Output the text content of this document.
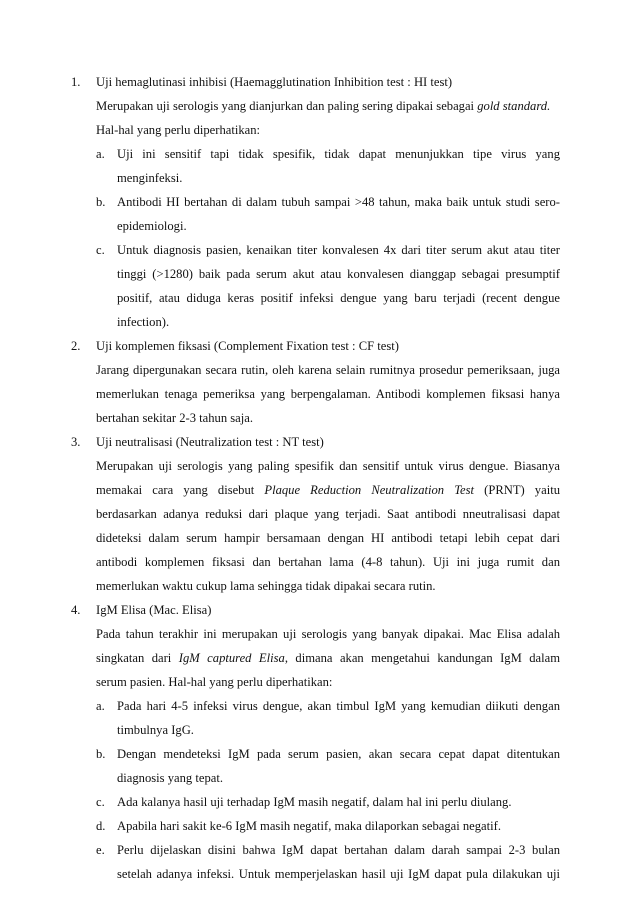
1. Uji hemaglutinasi inhibisi (Haemagglutination Inhibition test : HI test)
Merupakan uji serologis yang dianjurkan dan paling sering dipakai sebagai gold standard.
Hal-hal yang perlu diperhatikan:
a. Uji ini sensitif tapi tidak spesifik, tidak dapat menunjukkan tipe virus yang
menginfeksi.
b. Antibodi HI bertahan di dalam tubuh sampai >48 tahun, maka baik untuk studi sero-
epidemiologi.
c. Untuk diagnosis pasien, kenaikan titer konvalesen 4x dari titer serum akut atau titer
tinggi (>1280) baik pada serum akut atau konvalesen dianggap sebagai presumptif
positif, atau diduga keras positif infeksi dengue yang baru terjadi (recent dengue
infection).
2. Uji komplemen fiksasi (Complement Fixation test : CF test)
Jarang dipergunakan secara rutin, oleh karena selain rumitnya prosedur pemeriksaan, juga
memerlukan tenaga pemeriksa yang berpengalaman. Antibodi komplemen fiksasi hanya
bertahan sekitar 2-3 tahun saja.
3. Uji neutralisasi (Neutralization test : NT test)
Merupakan uji serologis yang paling spesifik dan sensitif untuk virus dengue. Biasanya
memakai cara yang disebut Plaque Reduction Neutralization Test (PRNT) yaitu
berdasarkan adanya reduksi dari plaque yang terjadi. Saat antibodi nneutralisasi dapat
dideteksi dalam serum hampir bersamaan dengan HI antibodi tetapi lebih cepat dari
antibodi komplemen fiksasi dan bertahan lama (4-8 tahun). Uji ini juga rumit dan
memerlukan waktu cukup lama sehingga tidak dipakai secara rutin.
4. IgM Elisa (Mac. Elisa)
Pada tahun terakhir ini merupakan uji serologis yang banyak dipakai. Mac Elisa adalah
singkatan dari IgM captured Elisa, dimana akan mengetahui kandungan IgM dalam
serum pasien. Hal-hal yang perlu diperhatikan:
a. Pada hari 4-5 infeksi virus dengue, akan timbul IgM yang kemudian diikuti dengan
timbulnya IgG.
b. Dengan mendeteksi IgM pada serum pasien, akan secara cepat dapat ditentukan
diagnosis yang tepat.
c. Ada kalanya hasil uji terhadap IgM masih negatif, dalam hal ini perlu diulang.
d. Apabila hari sakit ke-6 IgM masih negatif, maka dilaporkan sebagai negatif.
e. Perlu dijelaskan disini bahwa IgM dapat bertahan dalam darah sampai 2-3 bulan
setelah adanya infeksi. Untuk memperjelaskan hasil uji IgM dapat pula dilakukan uji
